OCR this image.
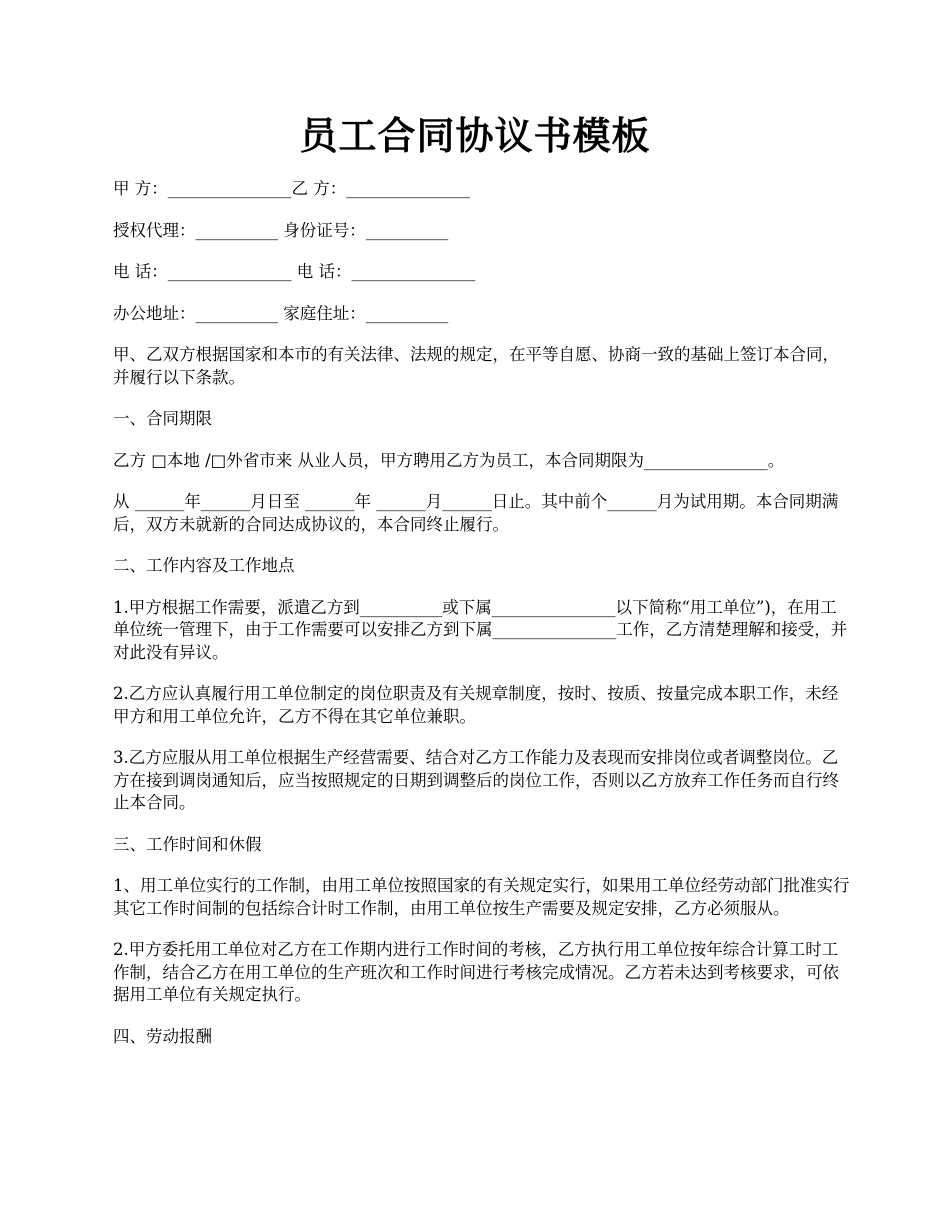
员工合同协议书模板

甲 方：_______________乙 方：_______________

授权代理：__________ 身份证号：__________

电 话：_______________ 电 话：_______________

办公地址：__________ 家庭住址：__________

甲、乙双方根据国家和本市的有关法律、法规的规定，在平等自愿、协商一致的基础上签订本合同，并履行以下条款。

一、合同期限

乙方 □本地 /□外省市来 从业人员，甲方聘用乙方为员工，本合同期限为_______________。

从 ______年______月日至 ______年 ______月______日止。其中前个______月为试用期。本合同期满后，双方未就新的合同达成协议的，本合同终止履行。

二、工作内容及工作地点

1.甲方根据工作需要，派遣乙方到__________或下属_______________以下简称“用工单位”)，在用工单位统一管理下，由于工作需要可以安排乙方到下属_______________工作，乙方清楚理解和接受，并对此没有异议。

2.乙方应认真履行用工单位制定的岗位职责及有关规章制度，按时、按质、按量完成本职工作，未经甲方和用工单位允许，乙方不得在其它单位兼职。

3.乙方应服从用工单位根据生产经营需要、结合对乙方工作能力及表现而安排岗位或者调整岗位。乙方在接到调岗通知后，应当按照规定的日期到调整后的岗位工作，否则以乙方放弃工作任务而自行终止本合同。

三、工作时间和休假

1、用工单位实行的工作制，由用工单位按照国家的有关规定实行，如果用工单位经劳动部门批准实行其它工作时间制的包括综合计时工作制，由用工单位按生产需要及规定安排，乙方必须服从。

2.甲方委托用工单位对乙方在工作期内进行工作时间的考核，乙方执行用工单位按年综合计算工时工作制，结合乙方在用工单位的生产班次和工作时间进行考核完成情况。乙方若未达到考核要求，可依据用工单位有关规定执行。

四、劳动报酬
